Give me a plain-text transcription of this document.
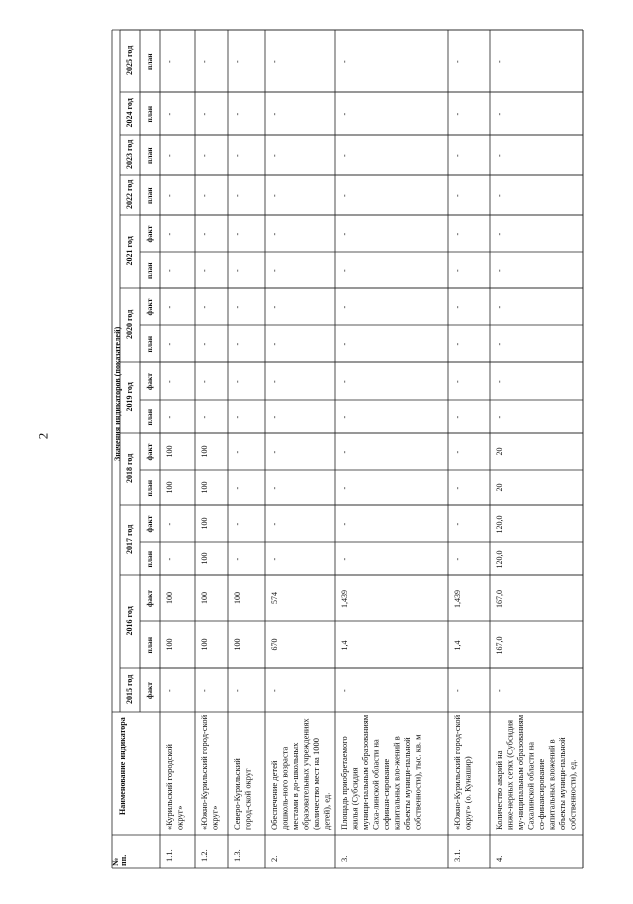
2	Значения индикаторов (показателей)
№ пп.
Наименование индикатора
2015 год
2016 год
2017 год
2018 год
2019 год
2020 год
2021 год
2022 год
2023 год
2024 год
2025 год
факт
план
факт
план
факт
план
факт
план
факт
план
факт
план
факт
план
план
план
план
1.1.
«Курильский городской округ»
-
100
100
-
-
100
100
-
-
-
-
-
-
-
-
-
-
1.2.
«Южно-Курильский город-ской округ»
-
100
100
100
100
100
100
-
-
-
-
-
-
-
-
-
-
1.3.
Северо-Курильский город-ской округ
-
100
100
-
-
-
-
-
-
-
-
-
-
-
-
-
-
2.
Обеспечение детей дошколь-ного возраста местами в до-школьных образовательных учреждениях (количество мест на 1000 детей), ед.
-
670
574
-
-
-
-
-
-
-
-
-
-
-
-
-
-
3.
Площадь приобретаемого жилья (Субсидия муници-пальным образованиям Саха-линской области на софинан-сирование капитальных вло-жений в объекты муници-пальной собственности), тыс. кв. м
-
1,4
1,439
-
-
-
-
-
-
-
-
-
-
-
-
-
-
3.1.
«Южно-Курильский город-ской округ» (о. Кунашир)
-
1,4
1,439
-
-
-
-
-
-
-
-
-
-
-
-
-
-
4.
Количество аварий на инже-нерных сетях (Субсидия му-ниципальным образованиям Сахалинской области на со-финансирование капитальных вложений в объекты муници-пальной собственности), ед.
-
167,0
167,0
120,0
120,0
20
20
-
-
-
-
-
-
-
-
-
-
